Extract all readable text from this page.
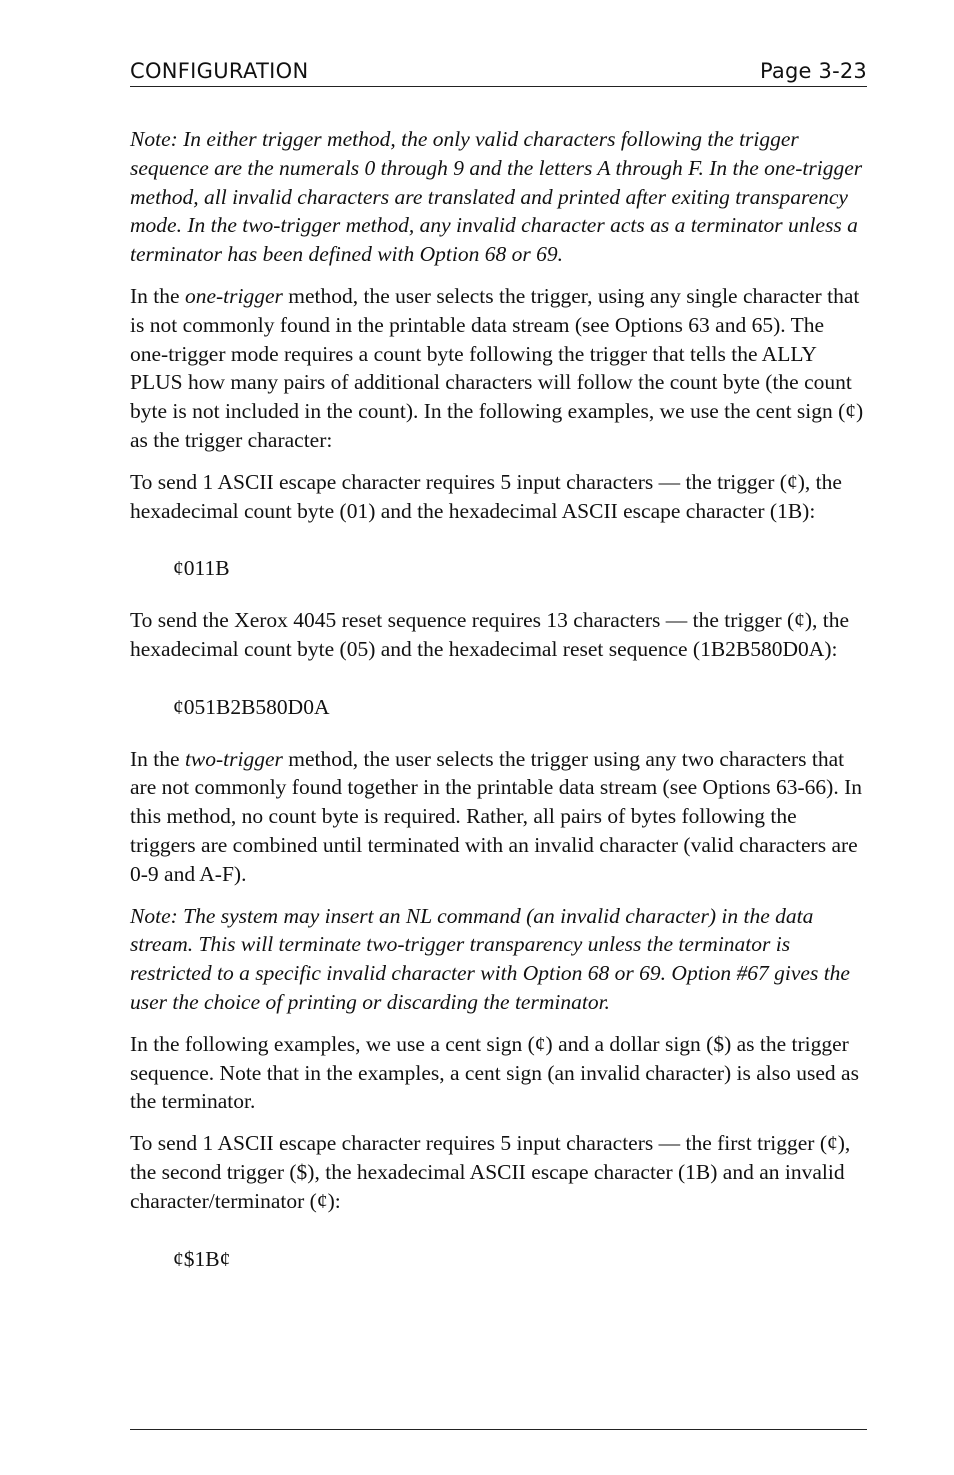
CONFIGURATION	Page 3-23

Note: In either trigger method, the only valid characters following the trigger sequence are the numerals 0 through 9 and the letters A through F. In the one-trigger method, all invalid characters are translated and printed after exiting transparency mode. In the two-trigger method, any invalid character acts as a terminator unless a terminator has been defined with Option 68 or 69.

In the one-trigger method, the user selects the trigger, using any single character that is not commonly found in the printable data stream (see Options 63 and 65). The one-trigger mode requires a count byte following the trigger that tells the ALLY PLUS how many pairs of additional characters will follow the count byte (the count byte is not included in the count). In the following examples, we use the cent sign (¢) as the trigger character:

To send 1 ASCII escape character requires 5 input characters — the trigger (¢), the hexadecimal count byte (01) and the hexadecimal ASCII escape character (1B):

¢011B

To send the Xerox 4045 reset sequence requires 13 characters — the trigger (¢), the hexadecimal count byte (05) and the hexadecimal reset sequence (1B2B580D0A):

¢051B2B580D0A

In the two-trigger method, the user selects the trigger using any two characters that are not commonly found together in the printable data stream (see Options 63-66). In this method, no count byte is required. Rather, all pairs of bytes following the triggers are combined until terminated with an invalid character (valid characters are 0-9 and A-F).

Note: The system may insert an NL command (an invalid character) in the data stream. This will terminate two-trigger transparency unless the terminator is restricted to a specific invalid character with Option 68 or 69. Option #67 gives the user the choice of printing or discarding the terminator.

In the following examples, we use a cent sign (¢) and a dollar sign ($) as the trigger sequence. Note that in the examples, a cent sign (an invalid character) is also used as the terminator.

To send 1 ASCII escape character requires 5 input characters — the first trigger (¢), the second trigger ($), the hexadecimal ASCII escape character (1B) and an invalid character/terminator (¢):

¢$1B¢
